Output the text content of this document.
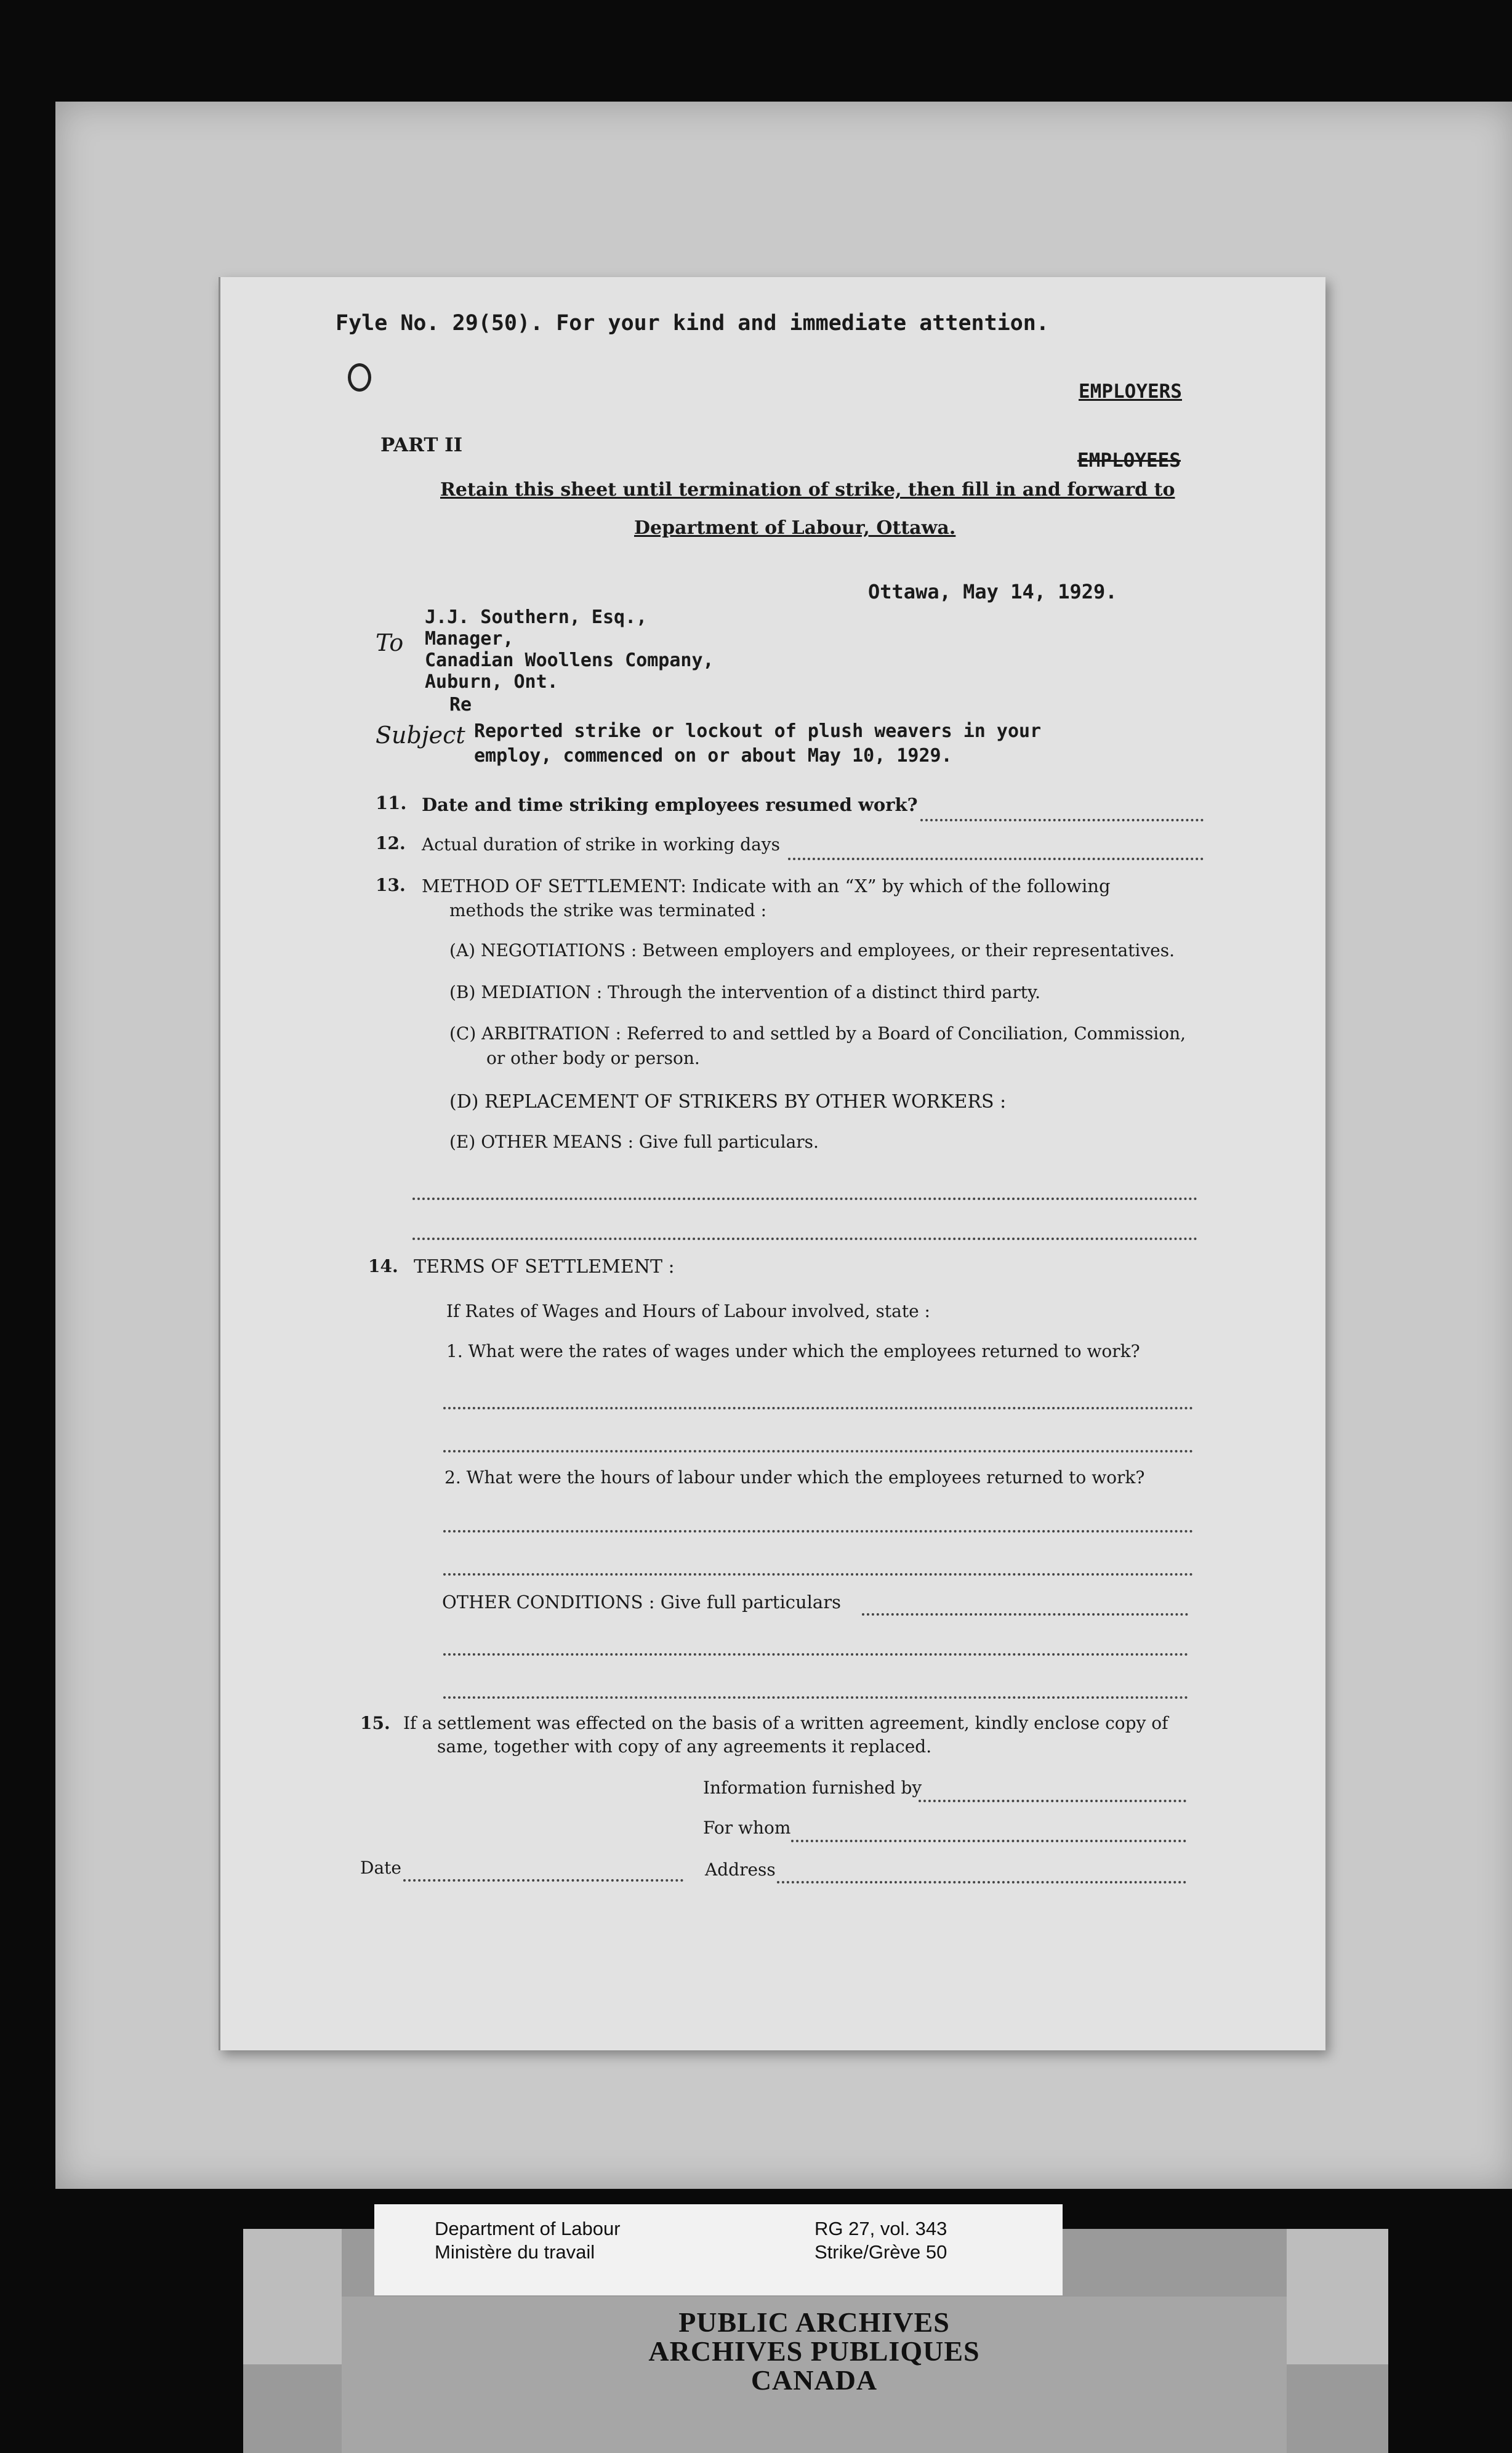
Fyle No. 29(50). For your kind and immediate attention.
EMPLOYERS
PART II
EMPLOYEES
Retain this sheet until termination of strike, then fill in and forward to
Department of Labour, Ottawa.
Ottawa, May 14, 1929.
To
J.J. Southern, Esq.,
Manager,
Canadian Woollens Company,
Auburn, Ont.
Re
Subject Reported strike or lockout of plush weavers in your
employ, commenced on or about May 10, 1929.
11. Date and time striking employees resumed work?
12. Actual duration of strike in working days
13. METHOD OF SETTLEMENT: Indicate with an “X” by which of the following
methods the strike was terminated :
(A) NEGOTIATIONS : Between employers and employees, or their representatives.
(B) MEDIATION : Through the intervention of a distinct third party.
(C) ARBITRATION : Referred to and settled by a Board of Conciliation, Commission,
or other body or person.
(D) REPLACEMENT OF STRIKERS BY OTHER WORKERS :
(E) OTHER MEANS : Give full particulars.
14. TERMS OF SETTLEMENT :
If Rates of Wages and Hours of Labour involved, state :
1. What were the rates of wages under which the employees returned to work?
2. What were the hours of labour under which the employees returned to work?
OTHER CONDITIONS : Give full particulars
15. If a settlement was effected on the basis of a written agreement, kindly enclose copy of
same, together with copy of any agreements it replaced.
Information furnished by
For whom
Date	Address
Department of Labour
Ministère du travail
RG 27, vol. 343
Strike/Grève 50
PUBLIC ARCHIVES
ARCHIVES PUBLIQUES
CANADA
